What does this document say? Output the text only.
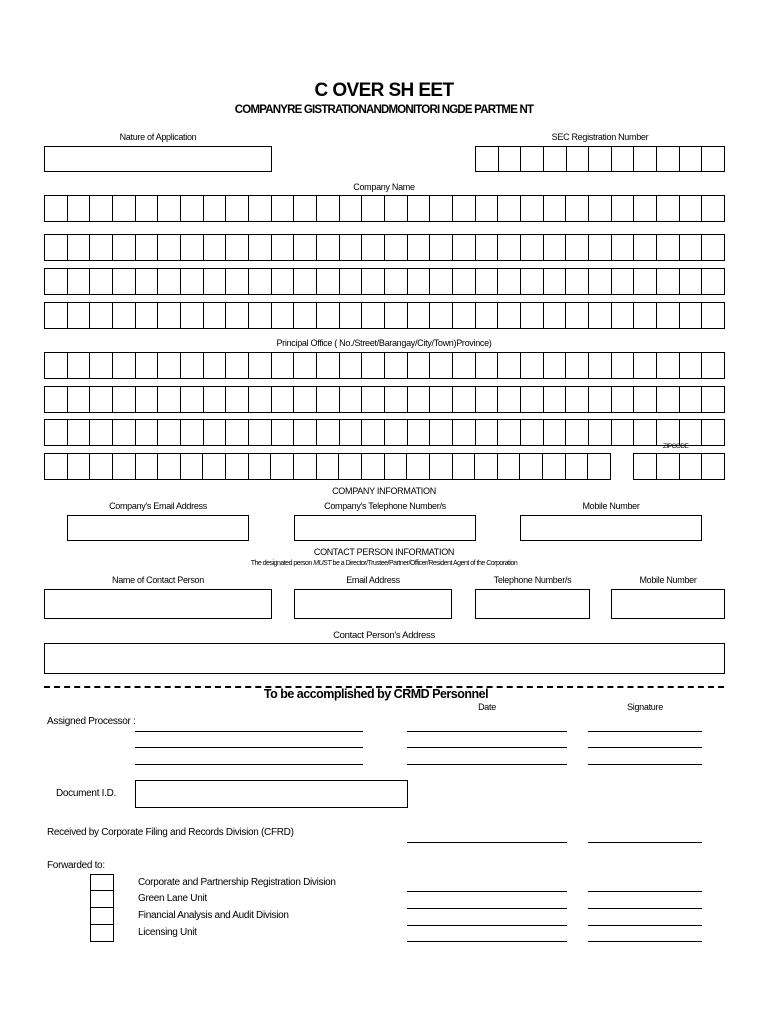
C OVER SH EET
COMPANYRE GISTRATIONANDMONITORI NGDE PARTME NT
Nature of Application	SEC Registration Number
Company Name
Principal Office ( No./Street/Barangay/City/Town)Province)
ZIPCODE
COMPANY INFORMATION
Company's Email Address	Company's Telephone Number/s	Mobile Number
CONTACT PERSON INFORMATION
The designated person MUST be a Director/Trustee/Partner/Officer/Resident Agent of the Corporation
Name of Contact Person	Email Address	Telephone Number/s	Mobile Number
Contact Person's Address
To be accomplished by CRMD Personnel
Date	Signature
Assigned Processor :
Document I.D.
Received by Corporate Filing and Records Division (CFRD)
Forwarded to:
Corporate and Partnership Registration Division
Green Lane Unit
Financial Analysis and Audit Division
Licensing Unit
